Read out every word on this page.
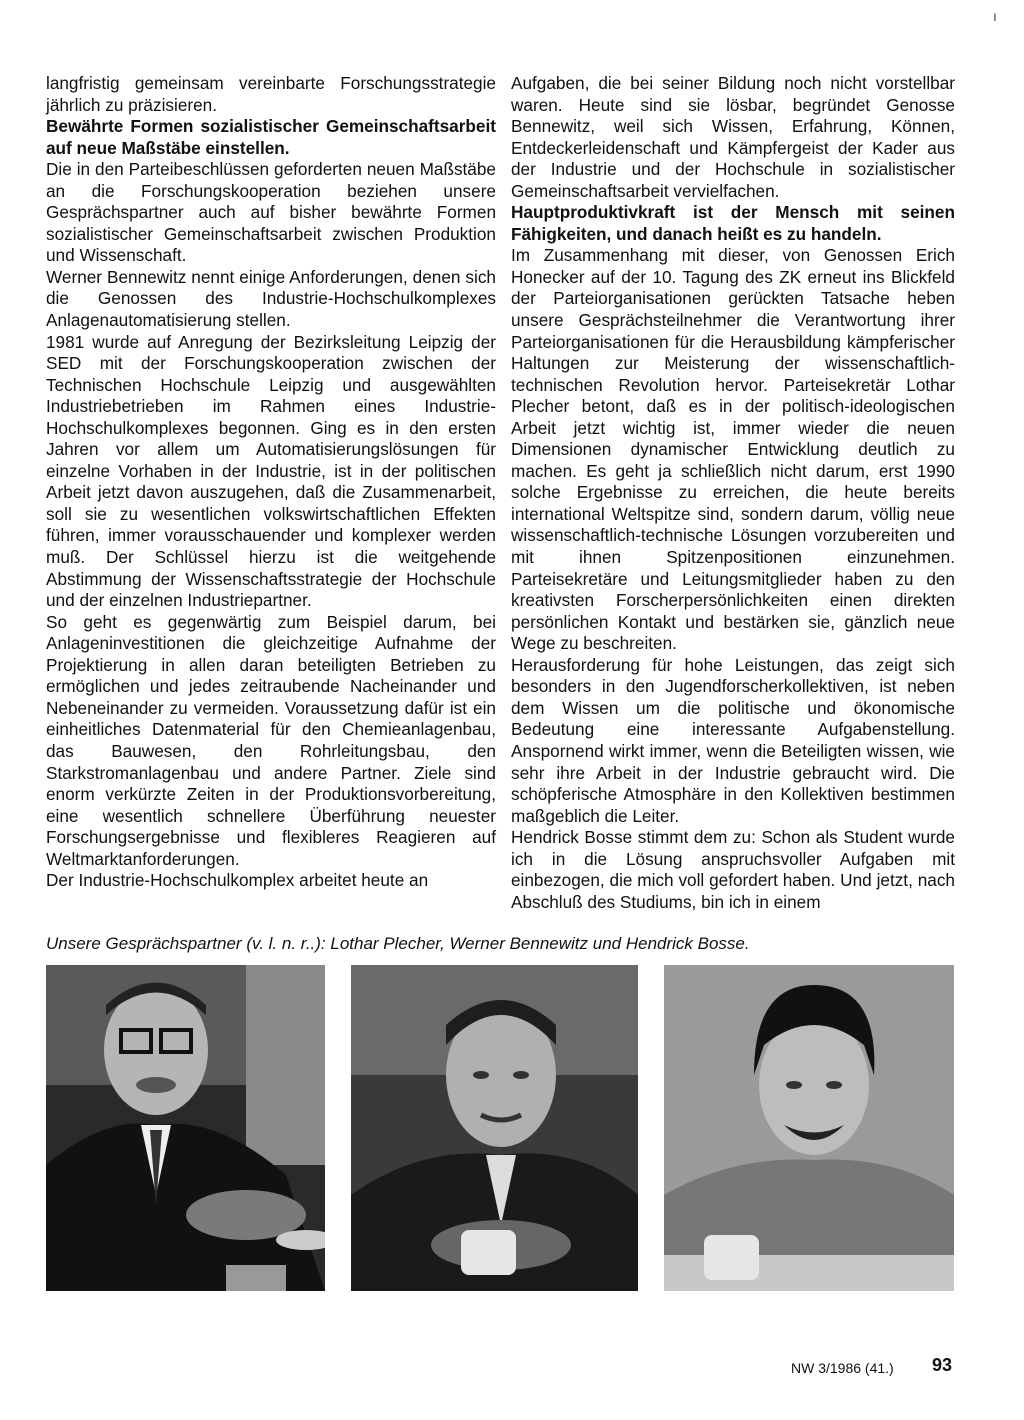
ı

langfristig gemeinsam vereinbarte Forschungsstrategie jährlich zu präzisieren.

Bewährte Formen sozialistischer Gemeinschaftsarbeit auf neue Maßstäbe einstellen.

Die in den Parteibeschlüssen geforderten neuen Maßstäbe an die Forschungskooperation beziehen unsere Gesprächspartner auch auf bisher bewährte Formen sozialistischer Gemeinschaftsarbeit zwischen Produktion und Wissenschaft.

Werner Bennewitz nennt einige Anforderungen, denen sich die Genossen des Industrie-Hochschulkomplexes Anlagenautomatisierung stellen.

1981 wurde auf Anregung der Bezirksleitung Leipzig der SED mit der Forschungskooperation zwischen der Technischen Hochschule Leipzig und ausgewählten Industriebetrieben im Rahmen eines Industrie-Hochschulkomplexes begonnen. Ging es in den ersten Jahren vor allem um Automatisierungslösungen für einzelne Vorhaben in der Industrie, ist in der politischen Arbeit jetzt davon auszugehen, daß die Zusammenarbeit, soll sie zu wesentlichen volkswirtschaftlichen Effekten führen, immer vorausschauender und komplexer werden muß. Der Schlüssel hierzu ist die weitgehende Abstimmung der Wissenschaftsstrategie der Hochschule und der einzelnen Industriepartner.

So geht es gegenwärtig zum Beispiel darum, bei Anlageninvestitionen die gleichzeitige Aufnahme der Projektierung in allen daran beteiligten Betrieben zu ermöglichen und jedes zeitraubende Nacheinander und Nebeneinander zu vermeiden. Voraussetzung dafür ist ein einheitliches Datenmaterial für den Chemieanlagenbau, das Bauwesen, den Rohrleitungsbau, den Starkstromanlagenbau und andere Partner. Ziele sind enorm verkürzte Zeiten in der Produktionsvorbereitung, eine wesentlich schnellere Überführung neuester Forschungsergebnisse und flexibleres Reagieren auf Weltmarktanforderungen.

Der Industrie-Hochschulkomplex arbeitet heute an

Aufgaben, die bei seiner Bildung noch nicht vorstellbar waren. Heute sind sie lösbar, begründet Genosse Bennewitz, weil sich Wissen, Erfahrung, Können, Entdeckerleidenschaft und Kämpfergeist der Kader aus der Industrie und der Hochschule in sozialistischer Gemeinschaftsarbeit vervielfachen.

Hauptproduktivkraft ist der Mensch mit seinen Fähigkeiten, und danach heißt es zu handeln.

Im Zusammenhang mit dieser, von Genossen Erich Honecker auf der 10. Tagung des ZK erneut ins Blickfeld der Parteiorganisationen gerückten Tatsache heben unsere Gesprächsteilnehmer die Verantwortung ihrer Parteiorganisationen für die Herausbildung kämpferischer Haltungen zur Meisterung der wissenschaftlich-technischen Revolution hervor. Parteisekretär Lothar Plecher betont, daß es in der politisch-ideologischen Arbeit jetzt wichtig ist, immer wieder die neuen Dimensionen dynamischer Entwicklung deutlich zu machen. Es geht ja schließlich nicht darum, erst 1990 solche Ergebnisse zu erreichen, die heute bereits international Weltspitze sind, sondern darum, völlig neue wissenschaftlich-technische Lösungen vorzubereiten und mit ihnen Spitzenpositionen einzunehmen. Parteisekretäre und Leitungsmitglieder haben zu den kreativsten Forscherpersönlichkeiten einen direkten persönlichen Kontakt und bestärken sie, gänzlich neue Wege zu beschreiten.

Herausforderung für hohe Leistungen, das zeigt sich besonders in den Jugendforscherkollektiven, ist neben dem Wissen um die politische und ökonomische Bedeutung eine interessante Aufgabenstellung. Anspornend wirkt immer, wenn die Beteiligten wissen, wie sehr ihre Arbeit in der Industrie gebraucht wird. Die schöpferische Atmosphäre in den Kollektiven bestimmen maßgeblich die Leiter.

Hendrick Bosse stimmt dem zu: Schon als Student wurde ich in die Lösung anspruchsvoller Aufgaben mit einbezogen, die mich voll gefordert haben. Und jetzt, nach Abschluß des Studiums, bin ich in einem

Unsere Gesprächspartner (v. l. n. r..): Lothar Plecher, Werner Bennewitz und Hendrick Bosse.
NW 3/1986 (41.) 93
